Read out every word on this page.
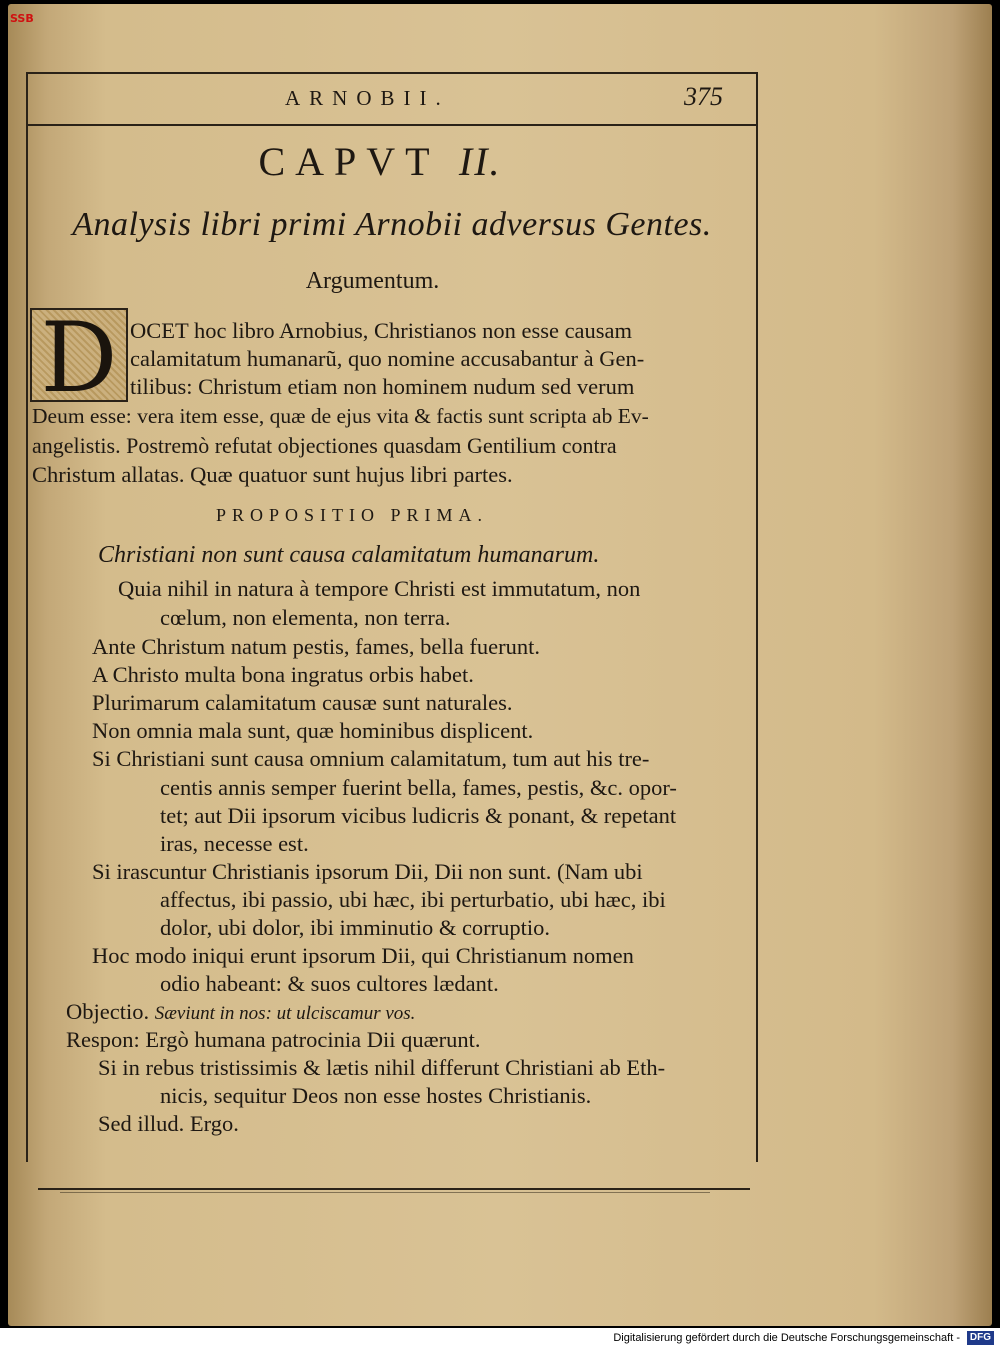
SSB
ARNOBII.	375
CAPVT II.
Analysis libri primi Arnobii adversus Gentes.
Argumentum.
D OCET hoc libro Arnobius, Christianos non esse causam
calamitatum humanarũ, quo nomine accusabantur à Gen-
tilibus: Christum etiam non hominem nudum sed verum
Deum esse: vera item esse, quæ de ejus vita & factis sunt scripta ab Ev-
angelistis. Postremò refutat objectiones quasdam Gentilium contra
Christum allatas. Quæ quatuor sunt hujus libri partes.
PROPOSITIO PRIMA.
Christiani non sunt causa calamitatum humanarum.
Quia nihil in natura à tempore Christi est immutatum, non
cœlum, non elementa, non terra.
Ante Christum natum pestis, fames, bella fuerunt.
A Christo multa bona ingratus orbis habet.
Plurimarum calamitatum causæ sunt naturales.
Non omnia mala sunt, quæ hominibus displicent.
Si Christiani sunt causa omnium calamitatum, tum aut his tre-
centis annis semper fuerint bella, fames, pestis, &c. opor-
tet; aut Dii ipsorum vicibus ludicris & ponant, & repetant
iras, necesse est.
Si irascuntur Christianis ipsorum Dii, Dii non sunt. (Nam ubi
affectus, ibi passio, ubi hæc, ibi perturbatio, ubi hæc, ibi
dolor, ubi dolor, ibi imminutio & corruptio.
Hoc modo iniqui erunt ipsorum Dii, qui Christianum nomen
odio habeant: & suos cultores lædant.
Objectio. Sæviunt in nos: ut ulciscamur vos.
Respon: Ergò humana patrocinia Dii quærunt.
Si in rebus tristissimis & lætis nihil differunt Christiani ab Eth-
nicis, sequitur Deos non esse hostes Christianis.
Sed illud. Ergo.
Digitalisierung gefördert durch die Deutsche Forschungsgemeinschaft - DFG
